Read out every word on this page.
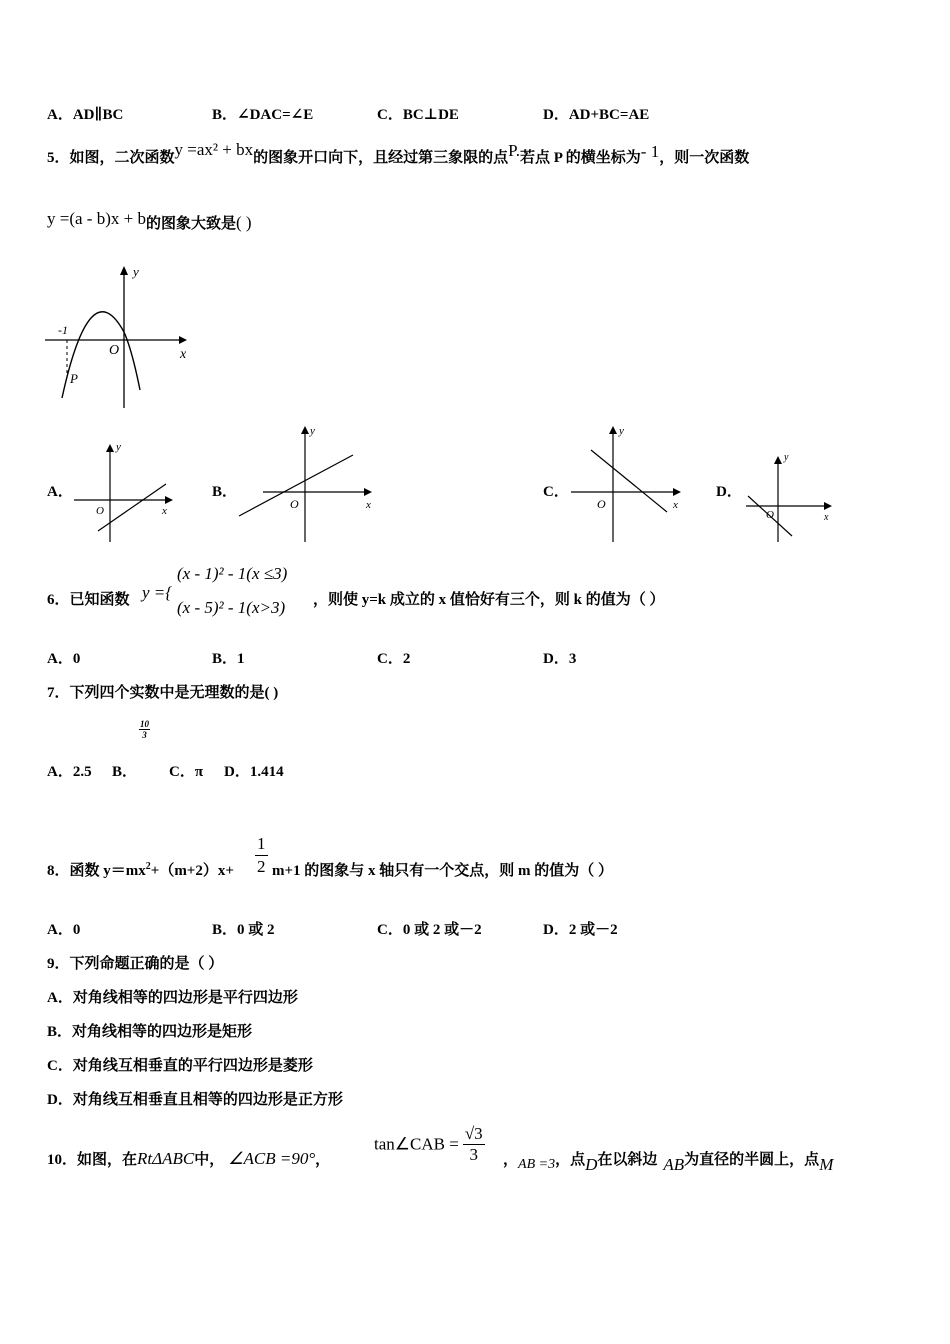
A．AD∥BC	B．∠DAC=∠E	C．BC⊥DE	D．AD+BC=AE
5．如图，二次函数y =ax² + bx的图象开口向下，且经过第三象限的点P.若点 P 的横坐标为- 1，则一次函数
y =(a - b)x + b的图象大致是( )
y
x
O
-1
P
A．
y
x
O
B．
y
x
O
C．
y
x
O
D．
y
x
O
6．已知函数 y ={
(x - 1)² - 1(x ≤3)
(x - 5)² - 1(x>3) ，则使 y=k 成立的 x 值恰好有三个，则 k 的值为（ ）
A．0	B．1	C．2	D．3
7．下列四个实数中是无理数的是( )
10
3
A．2.5 B． C．π D．1.414
8．函数 $y=mx^2+(m+2)x+$
1
2 m+1 的图象与 x 轴只有一个交点，则 m 的值为（ ）
A．0	B．0 或 2	C．0 或 2 或－2	D．2 或－2
9．下列命题正确的是（ ）
A．对角线相等的四边形是平行四边形
B．对角线相等的四边形是矩形
C．对角线互相垂直的平行四边形是菱形
D．对角线互相垂直且相等的四边形是正方形
10．如图，在RtΔABC中， ∠ACB =90°，
tan∠CAB = $\frac{√3}{3}$ ，AB =3，点D在以斜边 AB为直径的半圆上，点M
